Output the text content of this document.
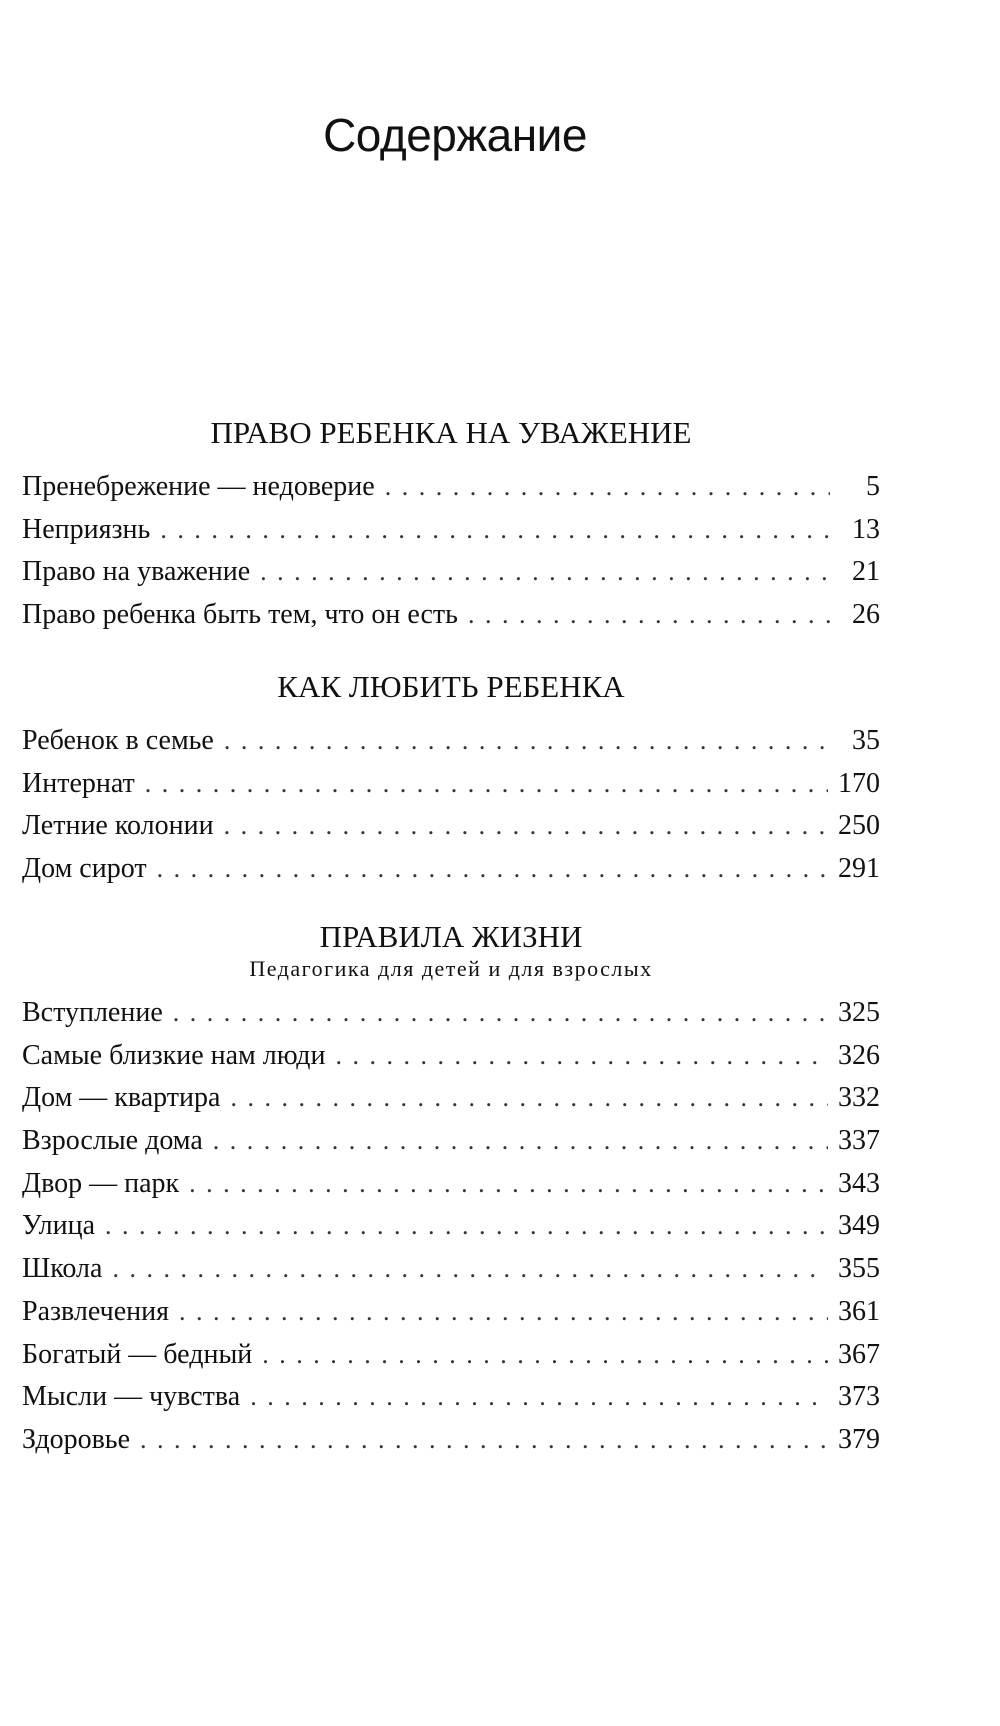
Содержание
ПРАВО РЕБЕНКА НА УВАЖЕНИЕ
Пренебрежение — недоверие . . .	5
Неприязнь . . .	13
Право на уважение . . .	21
Право ребенка быть тем, что он есть . . .	26
КАК ЛЮБИТЬ РЕБЕНКА
Ребенок в семье . . .	35
Интернат . . .	170
Летние колонии . . .	250
Дом сирот . . .	291
ПРАВИЛА ЖИЗНИ
Педагогика для детей и для взрослых
Вступление . . .	325
Самые близкие нам люди . . .	326
Дом — квартира . . .	332
Взрослые дома . . .	337
Двор — парк . . .	343
Улица . . .	349
Школа . . .	355
Развлечения . . .	361
Богатый — бедный . . .	367
Мысли — чувства . . .	373
Здоровье . . .	379
